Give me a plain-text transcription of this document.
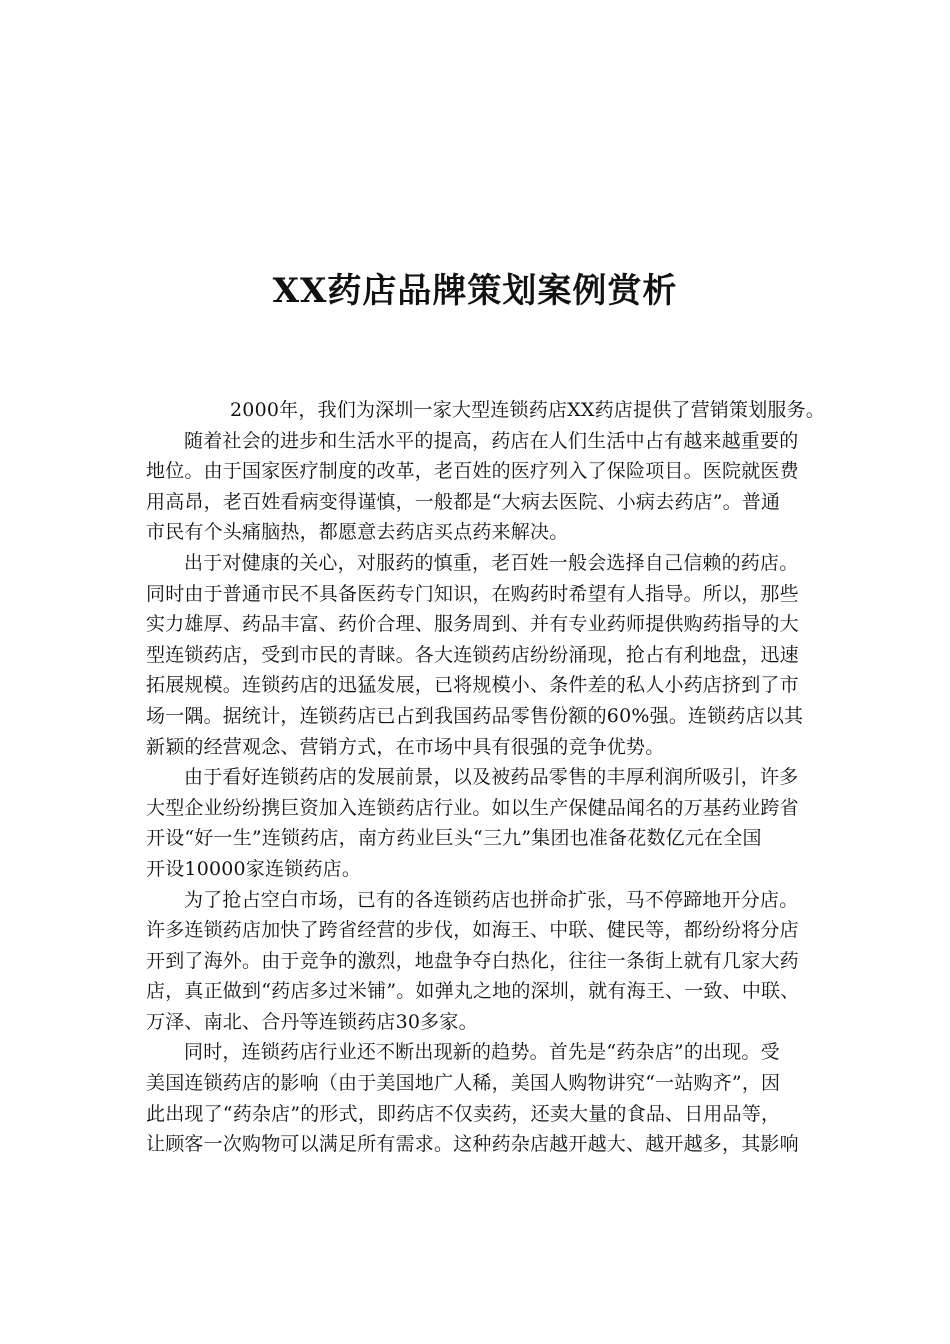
XX药店品牌策划案例赏析
2000年，我们为深圳一家大型连锁药店XX药店提供了营销策划服务。
随着社会的进步和生活水平的提高，药店在人们生活中占有越来越重要的
地位。由于国家医疗制度的改革，老百姓的医疗列入了保险项目。医院就医费
用高昂，老百姓看病变得谨慎，一般都是“大病去医院、小病去药店”。普通
市民有个头痛脑热，都愿意去药店买点药来解决。
出于对健康的关心，对服药的慎重，老百姓一般会选择自己信赖的药店。
同时由于普通市民不具备医药专门知识，在购药时希望有人指导。所以，那些
实力雄厚、药品丰富、药价合理、服务周到、并有专业药师提供购药指导的大
型连锁药店，受到市民的青睐。各大连锁药店纷纷涌现，抢占有利地盘，迅速
拓展规模。连锁药店的迅猛发展，已将规模小、条件差的私人小药店挤到了市
场一隅。据统计，连锁药店已占到我国药品零售份额的60%强。连锁药店以其
新颖的经营观念、营销方式，在市场中具有很强的竞争优势。
由于看好连锁药店的发展前景，以及被药品零售的丰厚利润所吸引，许多
大型企业纷纷携巨资加入连锁药店行业。如以生产保健品闻名的万基药业跨省
开设“好一生”连锁药店，南方药业巨头“三九”集团也准备花数亿元在全国
开设10000家连锁药店。
为了抢占空白市场，已有的各连锁药店也拼命扩张，马不停蹄地开分店。
许多连锁药店加快了跨省经营的步伐，如海王、中联、健民等，都纷纷将分店
开到了海外。由于竞争的激烈，地盘争夺白热化，往往一条街上就有几家大药
店，真正做到“药店多过米铺”。如弹丸之地的深圳，就有海王、一致、中联、
万泽、南北、合丹等连锁药店30多家。
同时，连锁药店行业还不断出现新的趋势。首先是“药杂店”的出现。受
美国连锁药店的影响（由于美国地广人稀，美国人购物讲究“一站购齐”，因
此出现了“药杂店”的形式，即药店不仅卖药，还卖大量的食品、日用品等，
让顾客一次购物可以满足所有需求。这种药杂店越开越大、越开越多，其影响
